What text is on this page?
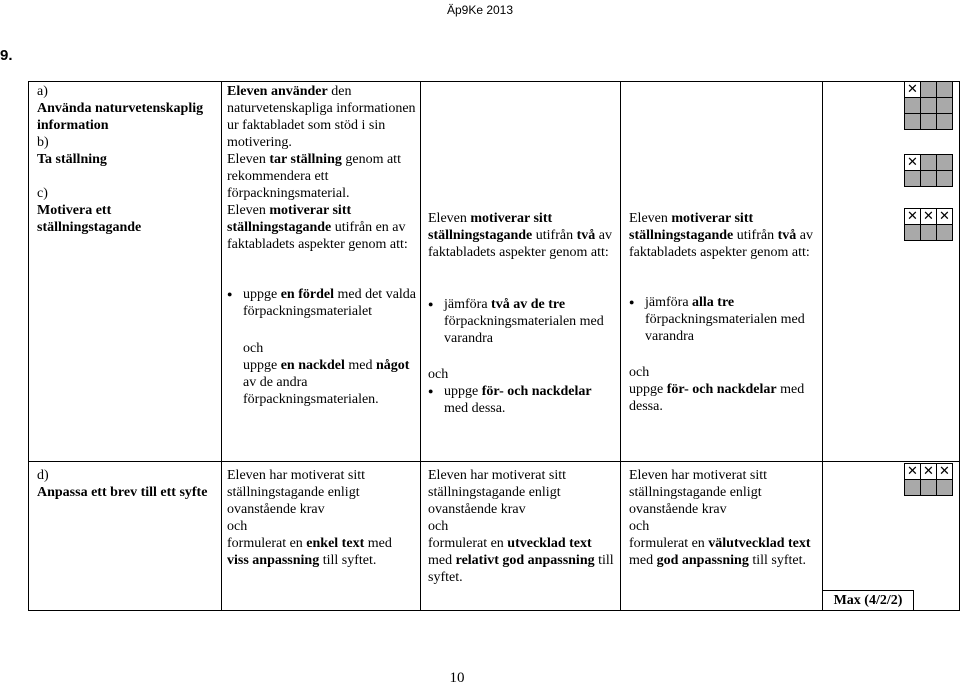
Äp9Ke 2013
9.

a)

Använda naturvetenskaplig information

b)

Ta ställning

c)

Motivera ett ställningstagande

Eleven använder den naturvetenskapliga informationen ur faktabladet som stöd i sin motivering.

Eleven tar ställning genom att rekommendera ett förpackningsmaterial.

Eleven motiverar sitt ställningstagande utifrån en av faktabladets aspekter genom att:

● uppge en fördel med det valda förpackningsmaterialet

och

uppge en nackdel med något av de andra förpackningsmaterialen.

Eleven motiverar sitt ställningstagande utifrån två av faktabladets aspekter genom att:

● jämföra två av de tre förpackningsmaterialen med varandra

och

● uppge för- och nackdelar med dessa.

Eleven motiverar sitt ställningstagande utifrån två av faktabladets aspekter genom att:

● jämföra alla tre förpackningsmaterialen med varandra

och

uppge för- och nackdelar med dessa.

d)

Anpassa ett brev till ett syfte

Eleven har motiverat sitt ställningstagande enligt ovanstående krav

och

formulerat en enkel text med viss anpassning till syftet.

Eleven har motiverat sitt ställningstagande enligt ovanstående krav

och

formulerat en utvecklad text med relativt god anpassning till syftet.

Eleven har motiverat sitt ställningstagande enligt ovanstående krav

och

formulerat en välutvecklad text med god anpassning till syftet.

✕
✕
✕ ✕ ✕
✕ ✕ ✕
Max (4/2/2)
10
